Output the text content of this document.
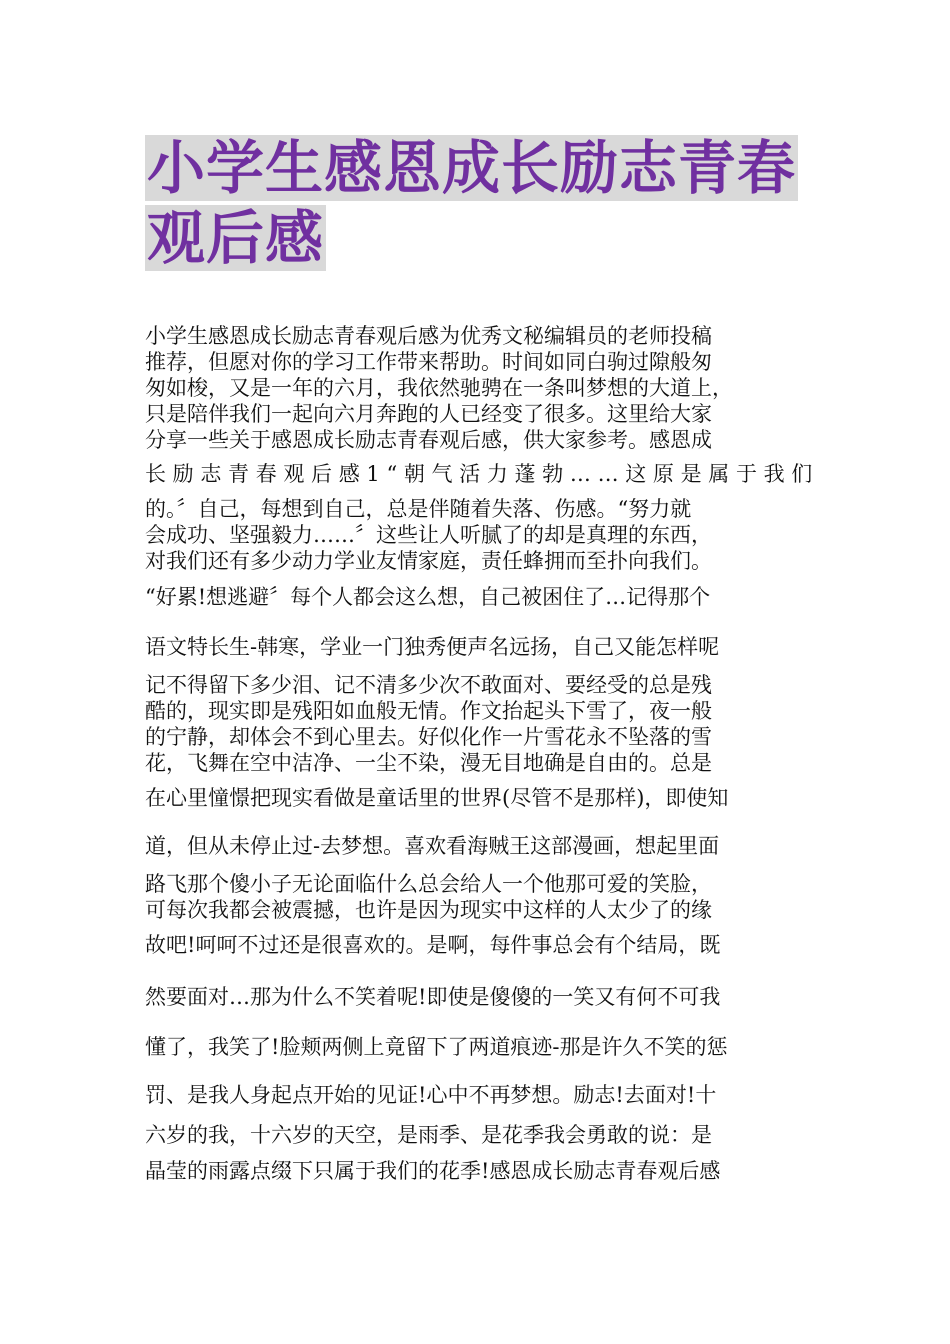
小学生感恩成长励志青春
观后感
小学生感恩成长励志青春观后感为优秀文秘编辑员的老师投稿
推荐，但愿对你的学习工作带来帮助。时间如同白驹过隙般匆
匆如梭，又是一年的六月，我依然驰骋在一条叫梦想的大道上，
只是陪伴我们一起向六月奔跑的人已经变了很多。这里给大家
分享一些关于感恩成长励志青春观后感，供大家参考。感恩成
长 励 志 青 春 观 后 感 1 “ 朝 气 活 力 蓬 勃 … … 这 原 是 属 于 我 们
的。〞自己，每想到自己，总是伴随着失落、伤感。“努力就
会成功、坚强毅力……〞这些让人听腻了的却是真理的东西，
对我们还有多少动力学业友情家庭，责任蜂拥而至扑向我们。
“好累!想逃避〞每个人都会这么想，自己被困住了…记得那个
语文特长生-韩寒，学业一门独秀便声名远扬，自己又能怎样呢
记不得留下多少泪、记不清多少次不敢面对、要经受的总是残
酷的，现实即是残阳如血般无情。作文抬起头下雪了，夜一般
的宁静，却体会不到心里去。好似化作一片雪花永不坠落的雪
花，飞舞在空中洁净、一尘不染，漫无目地确是自由的。总是
在心里憧憬把现实看做是童话里的世界(尽管不是那样)，即使知
道，但从未停止过-去梦想。喜欢看海贼王这部漫画，想起里面
路飞那个傻小子无论面临什么总会给人一个他那可爱的笑脸，
可每次我都会被震撼，也许是因为现实中这样的人太少了的缘
故吧!呵呵不过还是很喜欢的。是啊，每件事总会有个结局，既
然要面对…那为什么不笑着呢!即使是傻傻的一笑又有何不可我
懂了，我笑了!脸颊两侧上竟留下了两道痕迹-那是许久不笑的惩
罚、是我人身起点开始的见证!心中不再梦想。励志!去面对!十
六岁的我，十六岁的天空，是雨季、是花季我会勇敢的说：是
晶莹的雨露点缀下只属于我们的花季!感恩成长励志青春观后感
